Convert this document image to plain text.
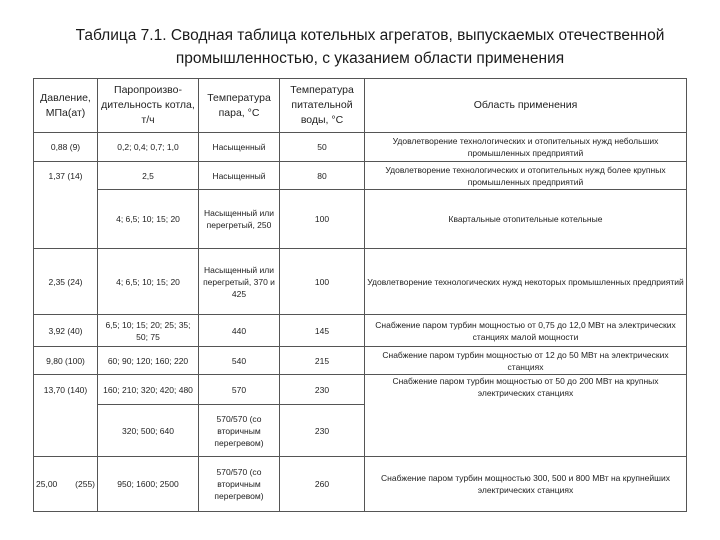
Таблица 7.1. Сводная таблица котельных агрегатов, выпускаемых отечественной промышленностью, с указанием области применения
Давление, МПа(ат)	Паропроизво-дительность котла, т/ч	Температура пара, °С	Температура питательной воды, °С	Область применения
0,88 (9)	0,2; 0,4; 0,7; 1,0	Насыщенный	50	Удовлетворение технологических и отопительных нужд небольших промышленных предприятий
1,37 (14)	2,5	Насыщенный	80	Удовлетворение технологических и отопительных нужд более крупных промышленных предприятий
	4; 6,5; 10; 15; 20	Насыщенный или перегретый, 250	100	Квартальные отопительные котельные
2,35 (24)	4; 6,5; 10; 15; 20	Насыщенный или перегретый, 370 и 425	100	Удовлетворение технологических нужд некоторых промышленных предприятий
3,92 (40)	6,5; 10; 15; 20; 25; 35; 50; 75	440	145	Снабжение паром турбин мощностью от 0,75 до 12,0 МВт на электрических станциях малой мощности
9,80 (100)	60; 90; 120; 160; 220	540	215	Снабжение паром турбин мощностью от 12 до 50 МВт на электрических станциях
13,70 (140)	160; 210; 320; 420; 480	570	230	Снабжение паром турбин мощностью от 50 до 200 МВт на крупных электрических станциях
	320; 500; 640	570/570 (со вторичным перегревом)	230	
25,00 (255)	950; 1600; 2500	570/570 (со вторичным перегревом)	260	Снабжение паром турбин мощностью 300, 500 и 800 МВт на крупнейших электрических станциях
